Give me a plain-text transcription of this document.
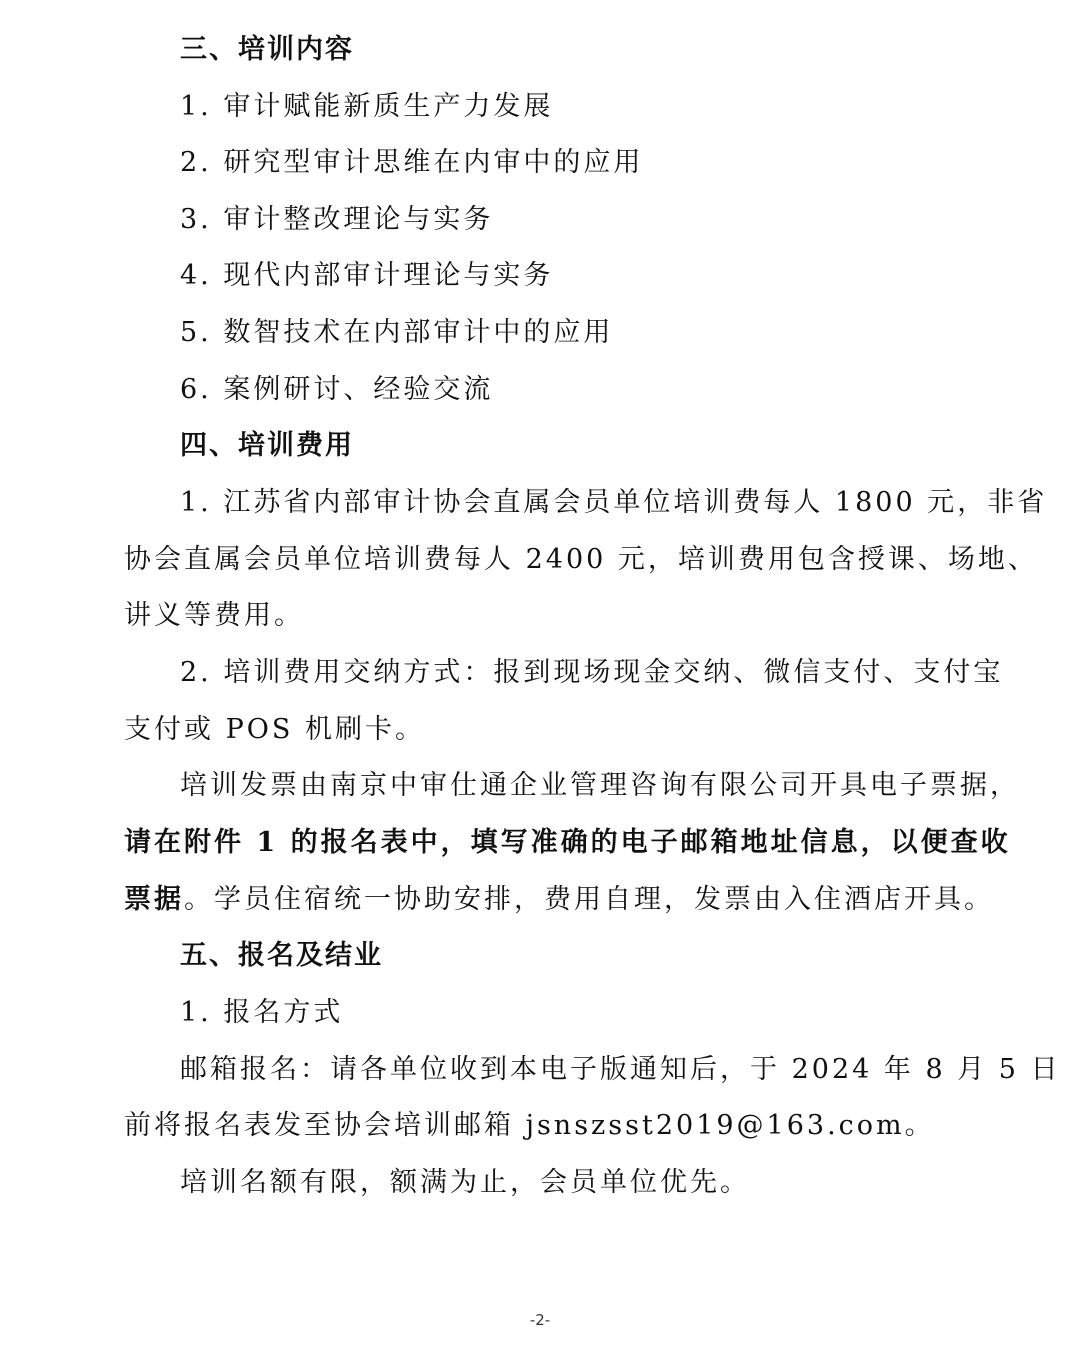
三、培训内容
1. 审计赋能新质生产力发展
2. 研究型审计思维在内审中的应用
3. 审计整改理论与实务
4. 现代内部审计理论与实务
5. 数智技术在内部审计中的应用
6. 案例研讨、经验交流
四、培训费用
1. 江苏省内部审计协会直属会员单位培训费每人 1800 元，非省
协会直属会员单位培训费每人 2400 元，培训费用包含授课、场地、
讲义等费用。
2. 培训费用交纳方式：报到现场现金交纳、微信支付、支付宝
支付或 POS 机刷卡。
培训发票由南京中审仕通企业管理咨询有限公司开具电子票据，
请在附件 1 的报名表中，填写准确的电子邮箱地址信息，以便查收
票据。学员住宿统一协助安排，费用自理，发票由入住酒店开具。
五、报名及结业
1. 报名方式
邮箱报名：请各单位收到本电子版通知后，于 2024 年 8 月 5 日
前将报名表发至协会培训邮箱 jsnszsst2019@163.com。
培训名额有限，额满为止，会员单位优先。
-2-
